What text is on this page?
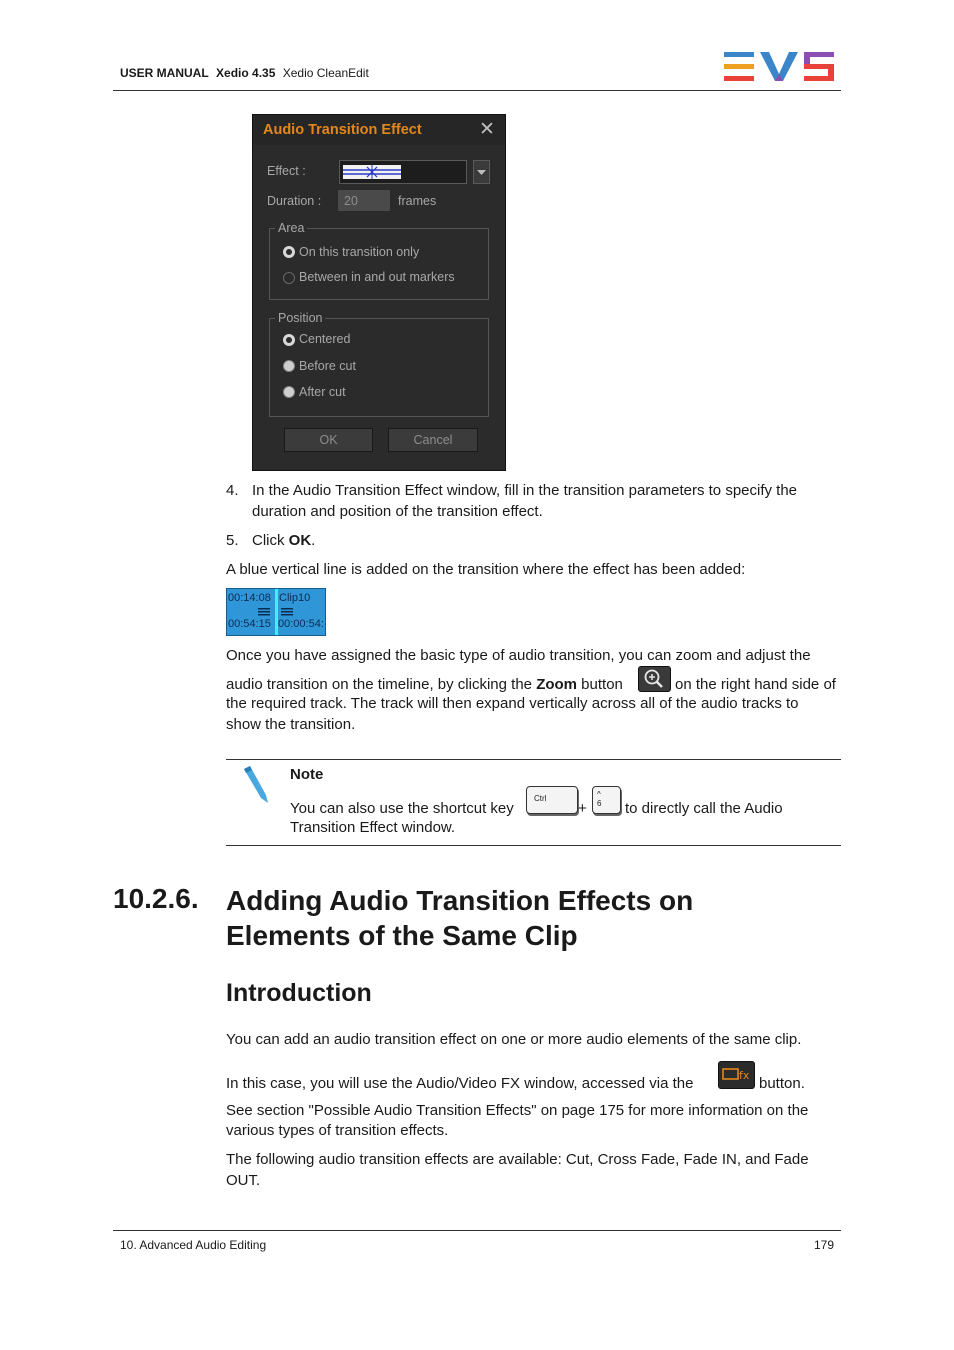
USER MANUAL Xedio 4.35 Xedio CleanEdit
Audio Transition Effect	✕
Effect :
Duration :	20	frames
Area
On this transition only
Between in and out markers
Position
Centered
Before cut
After cut
OK	Cancel
4. In the Audio Transition Effect window, fill in the transition parameters to specify the duration and position of the transition effect.
5. Click OK.
A blue vertical line is added on the transition where the effect has been added:
00:14:08
00:54:15
Clip10
00:00:54:
Once you have assigned the basic type of audio transition, you can zoom and adjust the
audio transition on the timeline, by clicking the Zoom button	on the right hand side of
the required track. The track will then expand vertically across all of the audio tracks to
show the transition.
Note
You can also use the shortcut key
Ctrl
+
^
6 to directly call the Audio
Transition Effect window.
10.2.6. Adding Audio Transition Effects on
Elements of the Same Clip
Introduction
You can add an audio transition effect on one or more audio elements of the same clip.
In this case, you will use the Audio/Video FX window, accessed via the	fx button.
See section "Possible Audio Transition Effects" on page 175 for more information on the
various types of transition effects.
The following audio transition effects are available: Cut, Cross Fade, Fade IN, and Fade
OUT.
10. Advanced Audio Editing	179
